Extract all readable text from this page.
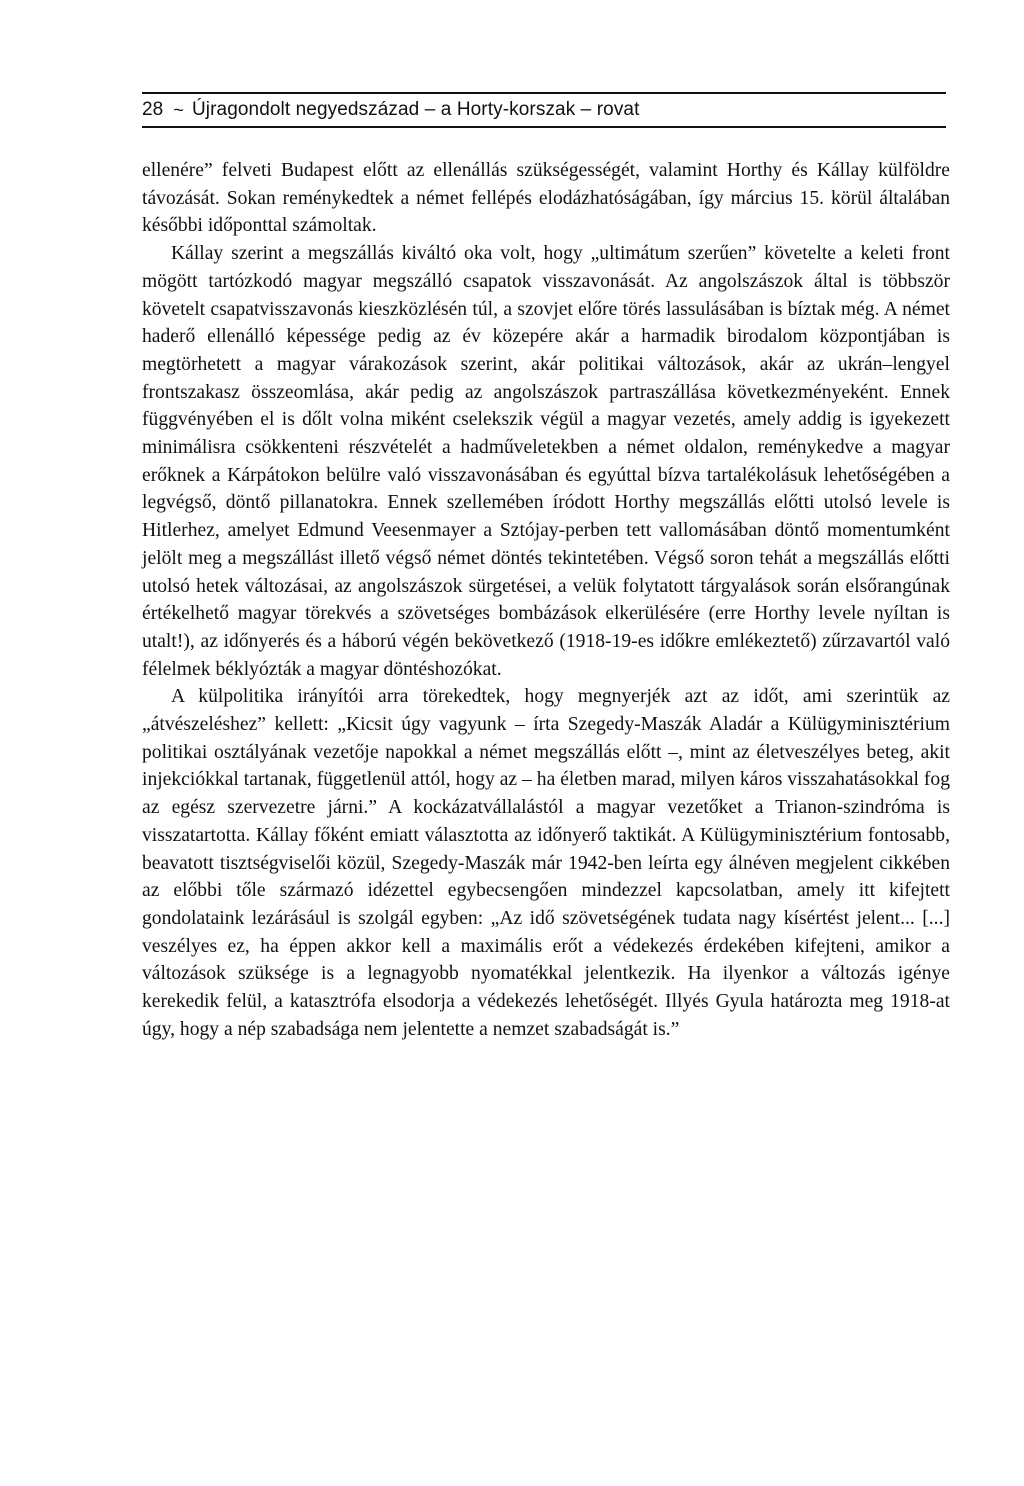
28 ~ Újragondolt negyedszázad – a Horty-korszak – rovat

ellenére” felveti Budapest előtt az ellenállás szükségességét, valamint Horthy és Kállay külföldre távozását. Sokan reménykedtek a német fellépés elodázhatóságában, így március 15. körül általában későbbi időponttal számoltak.

Kállay szerint a megszállás kiváltó oka volt, hogy „ultimátum szerűen” követelte a keleti front mögött tartózkodó magyar megszálló csapatok visszavonását. Az angolszászok által is többször követelt csapatvisszavonás kieszközlésén túl, a szovjet előre törés lassulásában is bíztak még. A német haderő ellenálló képessége pedig az év közepére akár a harmadik birodalom központjában is megtörhetett a magyar várakozások szerint, akár politikai változások, akár az ukrán–lengyel frontszakasz összeomlása, akár pedig az angolszászok partraszállása következményeként. Ennek függvényében el is dőlt volna miként cselekszik végül a magyar vezetés, amely addig is igyekezett minimálisra csökkenteni részvételét a hadműveletekben a német oldalon, reménykedve a magyar erőknek a Kárpátokon belülre való visszavonásában és egyúttal bízva tartalékolásuk lehetőségében a legvégső, döntő pillanatokra. Ennek szellemében íródott Horthy megszállás előtti utolsó levele is Hitlerhez, amelyet Edmund Veesenmayer a Sztójay-perben tett vallomásában döntő momentumként jelölt meg a megszállást illető végső német döntés tekintetében. Végső soron tehát a megszállás előtti utolsó hetek változásai, az angolszászok sürgetései, a velük folytatott tárgyalások során elsőrangúnak értékelhető magyar törekvés a szövetséges bombázások elkerülésére (erre Horthy levele nyíltan is utalt!), az időnyerés és a háború végén bekövetkező (1918-19-es időkre emlékeztető) zűrzavartól való félelmek béklyózták a magyar döntéshozókat.

A külpolitika irányítói arra törekedtek, hogy megnyerjék azt az időt, ami szerintük az „átvészeléshez” kellett: „Kicsit úgy vagyunk – írta Szegedy-Maszák Aladár a Külügyminisztérium politikai osztályának vezetője napokkal a német megszállás előtt –, mint az életveszélyes beteg, akit injekciókkal tartanak, függetlenül attól, hogy az – ha életben marad, milyen káros visszahatásokkal fog az egész szervezetre járni.” A kockázatvállalástól a magyar vezetőket a Trianon-szindróma is visszatartotta. Kállay főként emiatt választotta az időnyerő taktikát. A Külügyminisztérium fontosabb, beavatott tisztségviselői közül, Szegedy-Maszák már 1942-ben leírta egy álnéven megjelent cikkében az előbbi tőle származó idézettel egybecsengően mindezzel kapcsolatban, amely itt kifejtett gondolataink lezárásául is szolgál egyben: „Az idő szövetségének tudata nagy kísértést jelent... [...] veszélyes ez, ha éppen akkor kell a maximális erőt a védekezés érdekében kifejteni, amikor a változások szüksége is a legnagyobb nyomatékkal jelentkezik. Ha ilyenkor a változás igénye kerekedik felül, a katasztrófa elsodorja a védekezés lehetőségét. Illyés Gyula határozta meg 1918-at úgy, hogy a nép szabadsága nem jelentette a nemzet szabadságát is.”
